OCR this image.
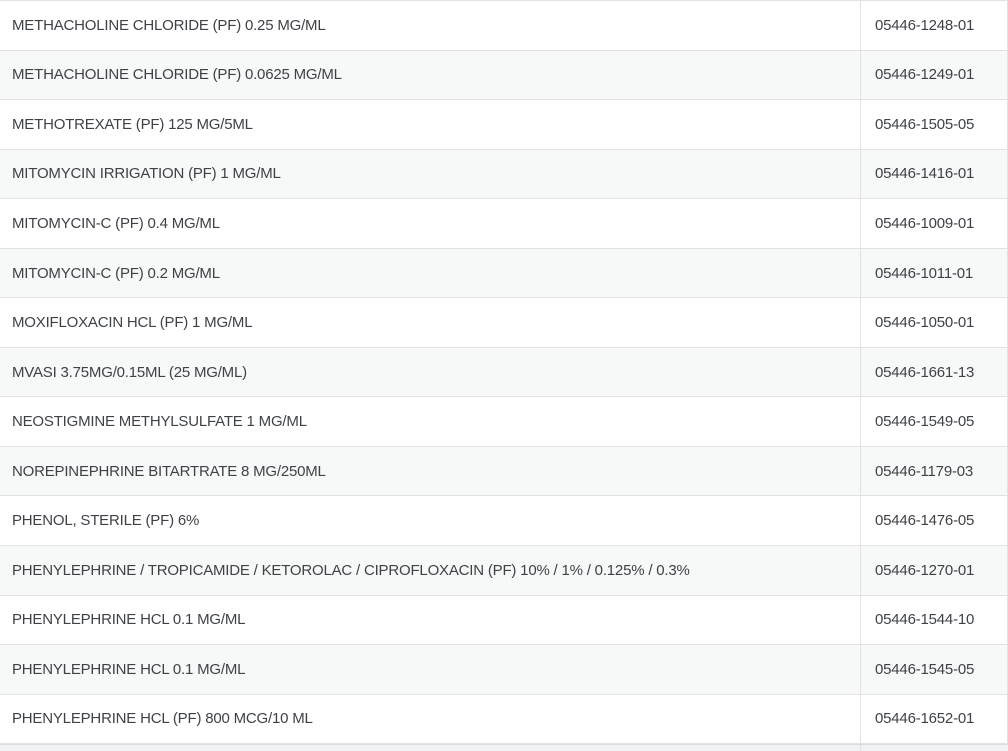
METHACHOLINE CHLORIDE (PF) 0.25 MG/ML	05446-1248-01
METHACHOLINE CHLORIDE (PF) 0.0625 MG/ML	05446-1249-01
METHOTREXATE (PF) 125 MG/5ML	05446-1505-05
MITOMYCIN IRRIGATION (PF) 1 MG/ML	05446-1416-01
MITOMYCIN-C (PF) 0.4 MG/ML	05446-1009-01
MITOMYCIN-C (PF) 0.2 MG/ML	05446-1011-01
MOXIFLOXACIN HCL (PF) 1 MG/ML	05446-1050-01
MVASI 3.75MG/0.15ML (25 MG/ML)	05446-1661-13
NEOSTIGMINE METHYLSULFATE 1 MG/ML	05446-1549-05
NOREPINEPHRINE BITARTRATE 8 MG/250ML	05446-1179-03
PHENOL, STERILE (PF) 6%	05446-1476-05
PHENYLEPHRINE / TROPICAMIDE / KETOROLAC / CIPROFLOXACIN (PF) 10% / 1% / 0.125% / 0.3%	05446-1270-01
PHENYLEPHRINE HCL 0.1 MG/ML	05446-1544-10
PHENYLEPHRINE HCL 0.1 MG/ML	05446-1545-05
PHENYLEPHRINE HCL (PF) 800 MCG/10 ML	05446-1652-01
